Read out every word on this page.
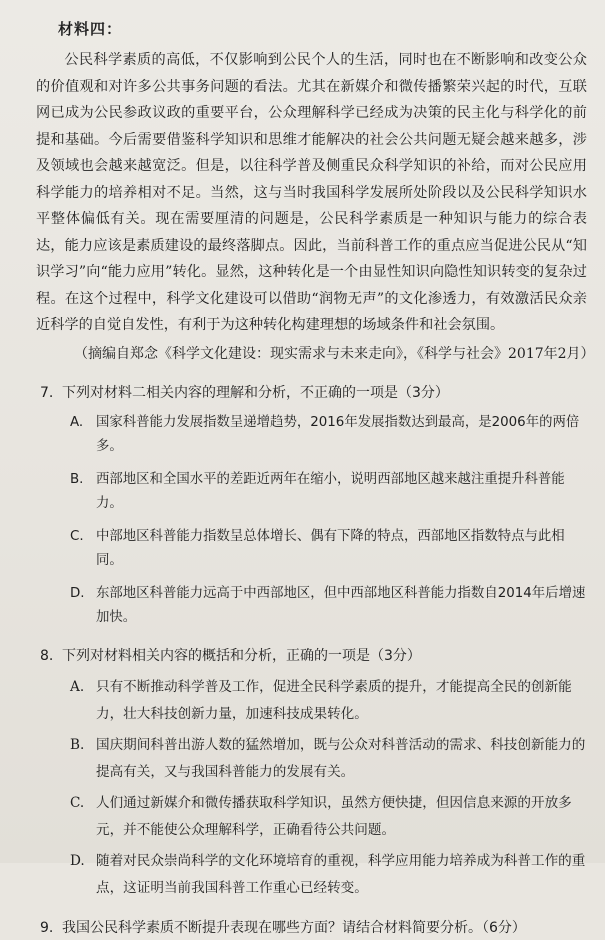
材料四：

公民科学素质的高低，不仅影响到公民个人的生活，同时也在不断影响和改变公众的价值观和对许多公共事务问题的看法。尤其在新媒介和微传播繁荣兴起的时代，互联网已成为公民参政议政的重要平台，公众理解科学已经成为决策的民主化与科学化的前提和基础。今后需要借鉴科学知识和思维才能解决的社会公共问题无疑会越来越多，涉及领域也会越来越宽泛。但是，以往科学普及侧重民众科学知识的补给，而对公民应用科学能力的培养相对不足。当然，这与当时我国科学发展所处阶段以及公民科学知识水平整体偏低有关。现在需要厘清的问题是，公民科学素质是一种知识与能力的综合表达，能力应该是素质建设的最终落脚点。因此，当前科普工作的重点应当促进公民从“知识学习”向“能力应用”转化。显然，这种转化是一个由显性知识向隐性知识转变的复杂过程。在这个过程中，科学文化建设可以借助“润物无声”的文化渗透力，有效激活民众亲近科学的自觉自发性，有利于为这种转化构建理想的场域条件和社会氛围。

（摘编自郑念《科学文化建设：现实需求与未来走向》，《科学与社会》2017年2月）
7. 下列对材料二相关内容的理解和分析，不正确的一项是（3分）
A. 国家科普能力发展指数呈递增趋势，2016年发展指数达到最高，是2006年的两倍多。
B. 西部地区和全国水平的差距近两年在缩小，说明西部地区越来越注重提升科普能力。
C. 中部地区科普能力指数呈总体增长、偶有下降的特点，西部地区指数特点与此相同。
D. 东部地区科普能力远高于中西部地区，但中西部地区科普能力指数自2014年后增速加快。
8. 下列对材料相关内容的概括和分析，正确的一项是（3分）
A. 只有不断推动科学普及工作，促进全民科学素质的提升，才能提高全民的创新能力，壮大科技创新力量，加速科技成果转化。
B. 国庆期间科普出游人数的猛然增加，既与公众对科普活动的需求、科技创新能力的提高有关，又与我国科普能力的发展有关。
C. 人们通过新媒介和微传播获取科学知识，虽然方便快捷，但因信息来源的开放多元，并不能使公众理解科学，正确看待公共问题。
D. 随着对民众崇尚科学的文化环境培育的重视，科学应用能力培养成为科普工作的重点，这证明当前我国科普工作重心已经转变。
9. 我国公民科学素质不断提升表现在哪些方面？请结合材料简要分析。（6分）
